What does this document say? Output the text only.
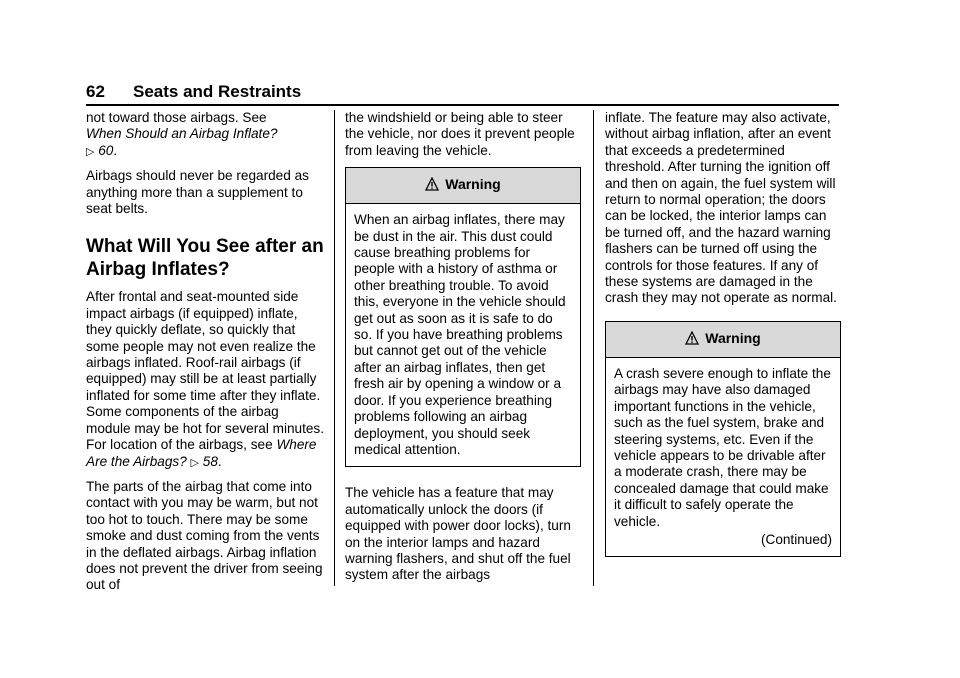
62 Seats and Restraints

not toward those airbags. See
When Should an Airbag Inflate?
▷ 60.

Airbags should never be regarded as anything more than a supplement to seat belts.

What Will You See after an Airbag Inflates?

After frontal and seat-mounted side impact airbags (if equipped) inflate, they quickly deflate, so quickly that some people may not even realize the airbags inflated. Roof-rail airbags (if equipped) may still be at least partially inflated for some time after they inflate. Some components of the airbag module may be hot for several minutes. For location of the airbags, see Where Are the Airbags? ▷ 58.

The parts of the airbag that come into contact with you may be warm, but not too hot to touch. There may be some smoke and dust coming from the vents in the deflated airbags. Airbag inflation does not prevent the driver from seeing out of

the windshield or being able to steer the vehicle, nor does it prevent people from leaving the vehicle.

Warning
When an airbag inflates, there may be dust in the air. This dust could cause breathing problems for people with a history of asthma or other breathing trouble. To avoid this, everyone in the vehicle should get out as soon as it is safe to do so. If you have breathing problems but cannot get out of the vehicle after an airbag inflates, then get fresh air by opening a window or a door. If you experience breathing problems following an airbag deployment, you should seek medical attention.

The vehicle has a feature that may automatically unlock the doors (if equipped with power door locks), turn on the interior lamps and hazard warning flashers, and shut off the fuel system after the airbags

inflate. The feature may also activate, without airbag inflation, after an event that exceeds a predetermined threshold. After turning the ignition off and then on again, the fuel system will return to normal operation; the doors can be locked, the interior lamps can be turned off, and the hazard warning flashers can be turned off using the controls for those features. If any of these systems are damaged in the crash they may not operate as normal.

Warning
A crash severe enough to inflate the airbags may have also damaged important functions in the vehicle, such as the fuel system, brake and steering systems, etc. Even if the vehicle appears to be drivable after a moderate crash, there may be concealed damage that could make it difficult to safely operate the vehicle.
(Continued)
